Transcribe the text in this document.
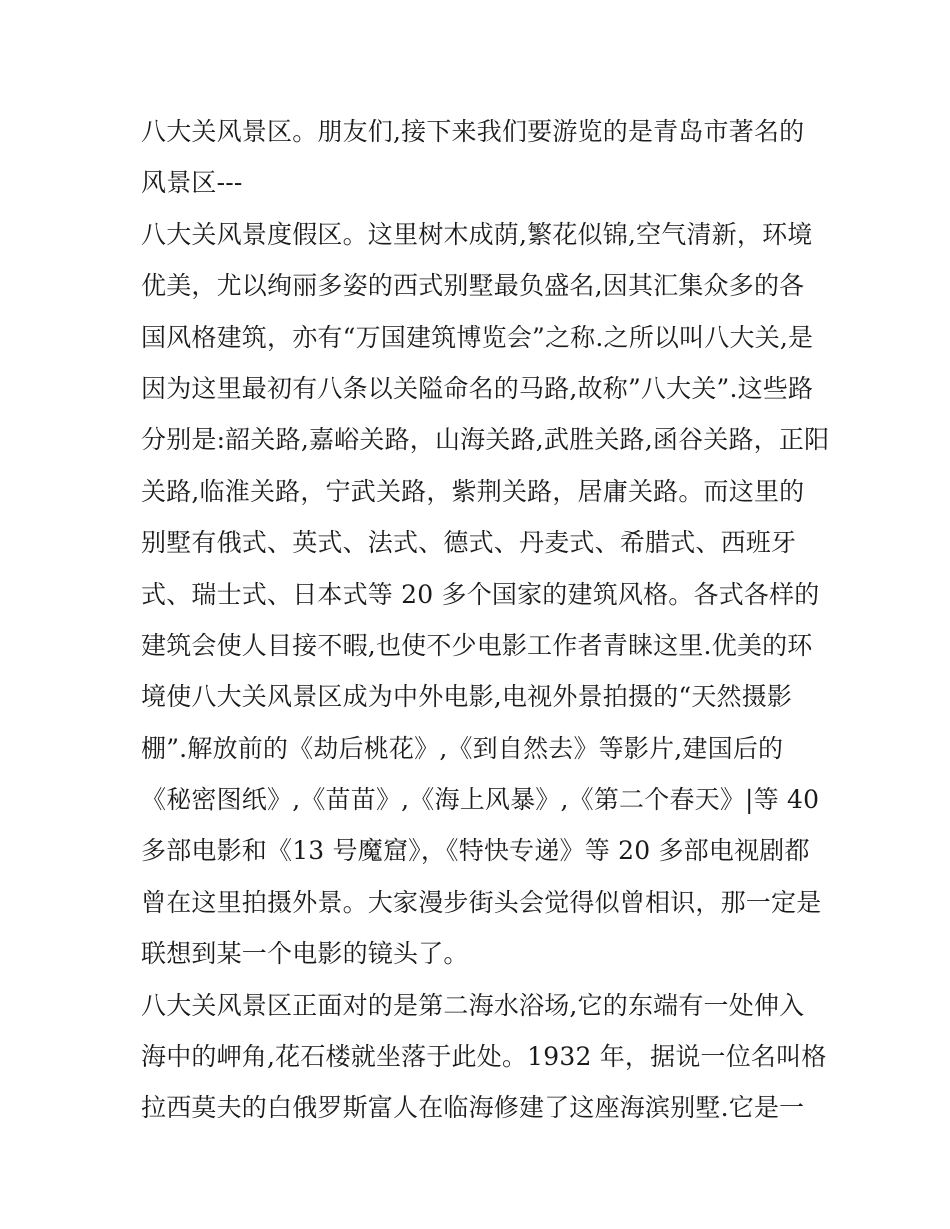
八大关风景区。朋友们,接下来我们要游览的是青岛市著名的
风景区---
八大关风景度假区。这里树木成荫,繁花似锦,空气清新，环境
优美，尤以绚丽多姿的西式别墅最负盛名,因其汇集众多的各
国风格建筑，亦有“万国建筑博览会”之称.之所以叫八大关,是
因为这里最初有八条以关隘命名的马路,故称”八大关”.这些路
分别是:韶关路,嘉峪关路，山海关路,武胜关路,函谷关路，正阳
关路,临淮关路，宁武关路，紫荆关路，居庸关路。而这里的
别墅有俄式、英式、法式、德式、丹麦式、希腊式、西班牙
式、瑞士式、日本式等 20 多个国家的建筑风格。各式各样的
建筑会使人目接不暇,也使不少电影工作者青睐这里.优美的环
境使八大关风景区成为中外电影,电视外景拍摄的“天然摄影
棚”.解放前的《劫后桃花》,《到自然去》等影片,建国后的
《秘密图纸》,《苗苗》,《海上风暴》,《第二个春天》|等 40
多部电影和《13 号魔窟》，《特快专递》等 20 多部电视剧都
曾在这里拍摄外景。大家漫步街头会觉得似曾相识，那一定是
联想到某一个电影的镜头了。
八大关风景区正面对的是第二海水浴场,它的东端有一处伸入
海中的岬角,花石楼就坐落于此处。1932 年，据说一位名叫格
拉西莫夫的白俄罗斯富人在临海修建了这座海滨别墅.它是一
